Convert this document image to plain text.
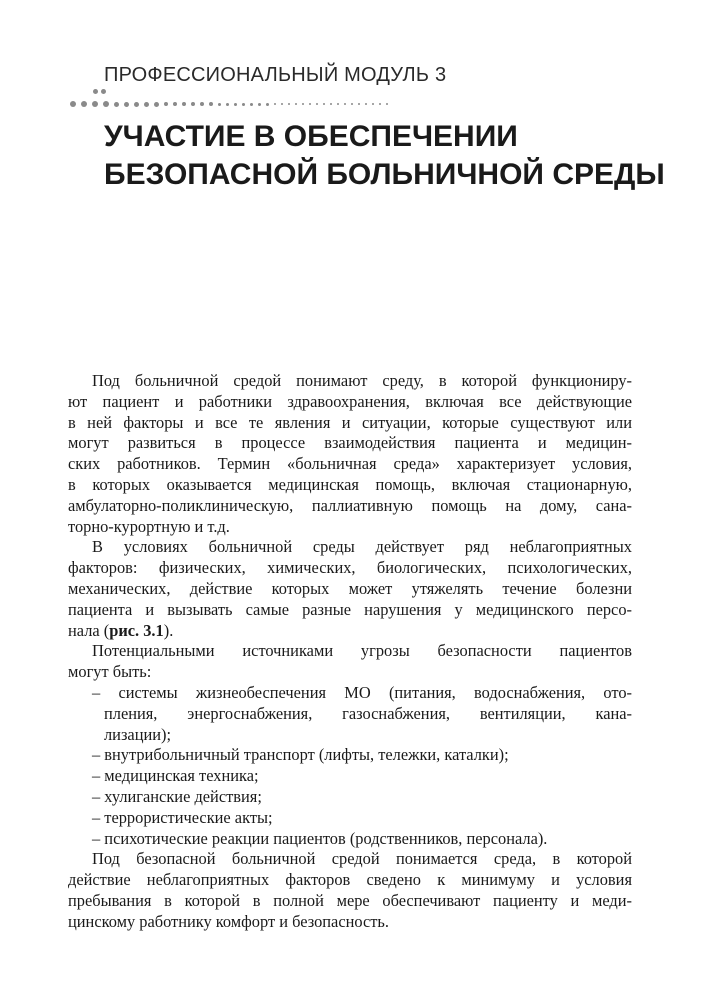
ПРОФЕССИОНАЛЬНЫЙ МОДУЛЬ 3
УЧАСТИЕ В ОБЕСПЕЧЕНИИ
БЕЗОПАСНОЙ БОЛЬНИЧНОЙ СРЕДЫ
Под больничной средой понимают среду, в которой функциониру-
ют пациент и работники здравоохранения, включая все действующие
в ней факторы и все те явления и ситуации, которые существуют или
могут развиться в процессе взаимодействия пациента и медицин-
ских работников. Термин «больничная среда» характеризует условия,
в которых оказывается медицинская помощь, включая стационарную,
амбулаторно-поликлиническую, паллиативную помощь на дому, сана-
торно-курортную и т.д.
В условиях больничной среды действует ряд неблагоприятных
факторов: физических, химических, биологических, психологических,
механических, действие которых может утяжелять течение болезни
пациента и вызывать самые разные нарушения у медицинского персо-
нала (рис. 3.1).
Потенциальными источниками угрозы безопасности пациентов
могут быть:
– системы жизнеобеспечения МО (питания, водоснабжения, ото-
пления, энергоснабжения, газоснабжения, вентиляции, кана-
лизации);
– внутрибольничный транспорт (лифты, тележки, каталки);
– медицинская техника;
– хулиганские действия;
– террористические акты;
– психотические реакции пациентов (родственников, персонала).
Под безопасной больничной средой понимается среда, в которой
действие неблагоприятных факторов сведено к минимуму и условия
пребывания в которой в полной мере обеспечивают пациенту и меди-
цинскому работнику комфорт и безопасность.
